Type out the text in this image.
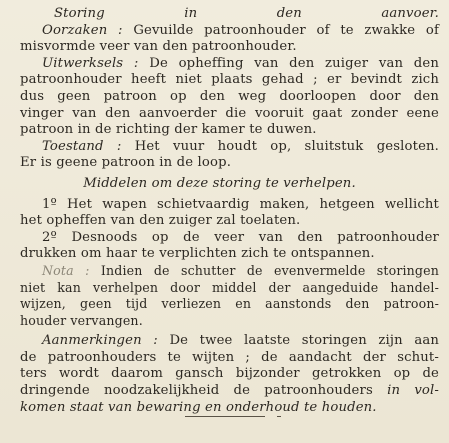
Storing in den aanvoer.
Oorzaken : Gevuilde patroonhouder of te zwakke of
misvormde veer van den patroonhouder.
Uitwerksels : De opheffing van den zuiger van den
patroonhouder heeft niet plaats gehad ; er bevindt zich
dus geen patroon op den weg doorloopen door den
vinger van den aanvoerder die vooruit gaat zonder eene
patroon in de richting der kamer te duwen.
Toestand : Het vuur houdt op, sluitstuk gesloten.
Er is geene patroon in de loop.
Middelen om deze storing te verhelpen.
1º Het wapen schietvaardig maken, hetgeen wellicht
het opheffen van den zuiger zal toelaten.
2º Desnoods op de veer van den patroonhouder
drukken om haar te verplichten zich te ontspannen.
Nota : Indien de schutter de evenvermelde storingen
niet kan verhelpen door middel der aangeduide handel-
wijzen, geen tijd verliezen en aanstonds den patroon-
houder vervangen.
Aanmerkingen : De twee laatste storingen zijn aan
de patroonhouders te wijten ; de aandacht der schut-
ters wordt daarom gansch bijzonder getrokken op de
dringende noodzakelijkheid de patroonhouders in vol-
komen staat van bewaring en onderhoud te houden.
